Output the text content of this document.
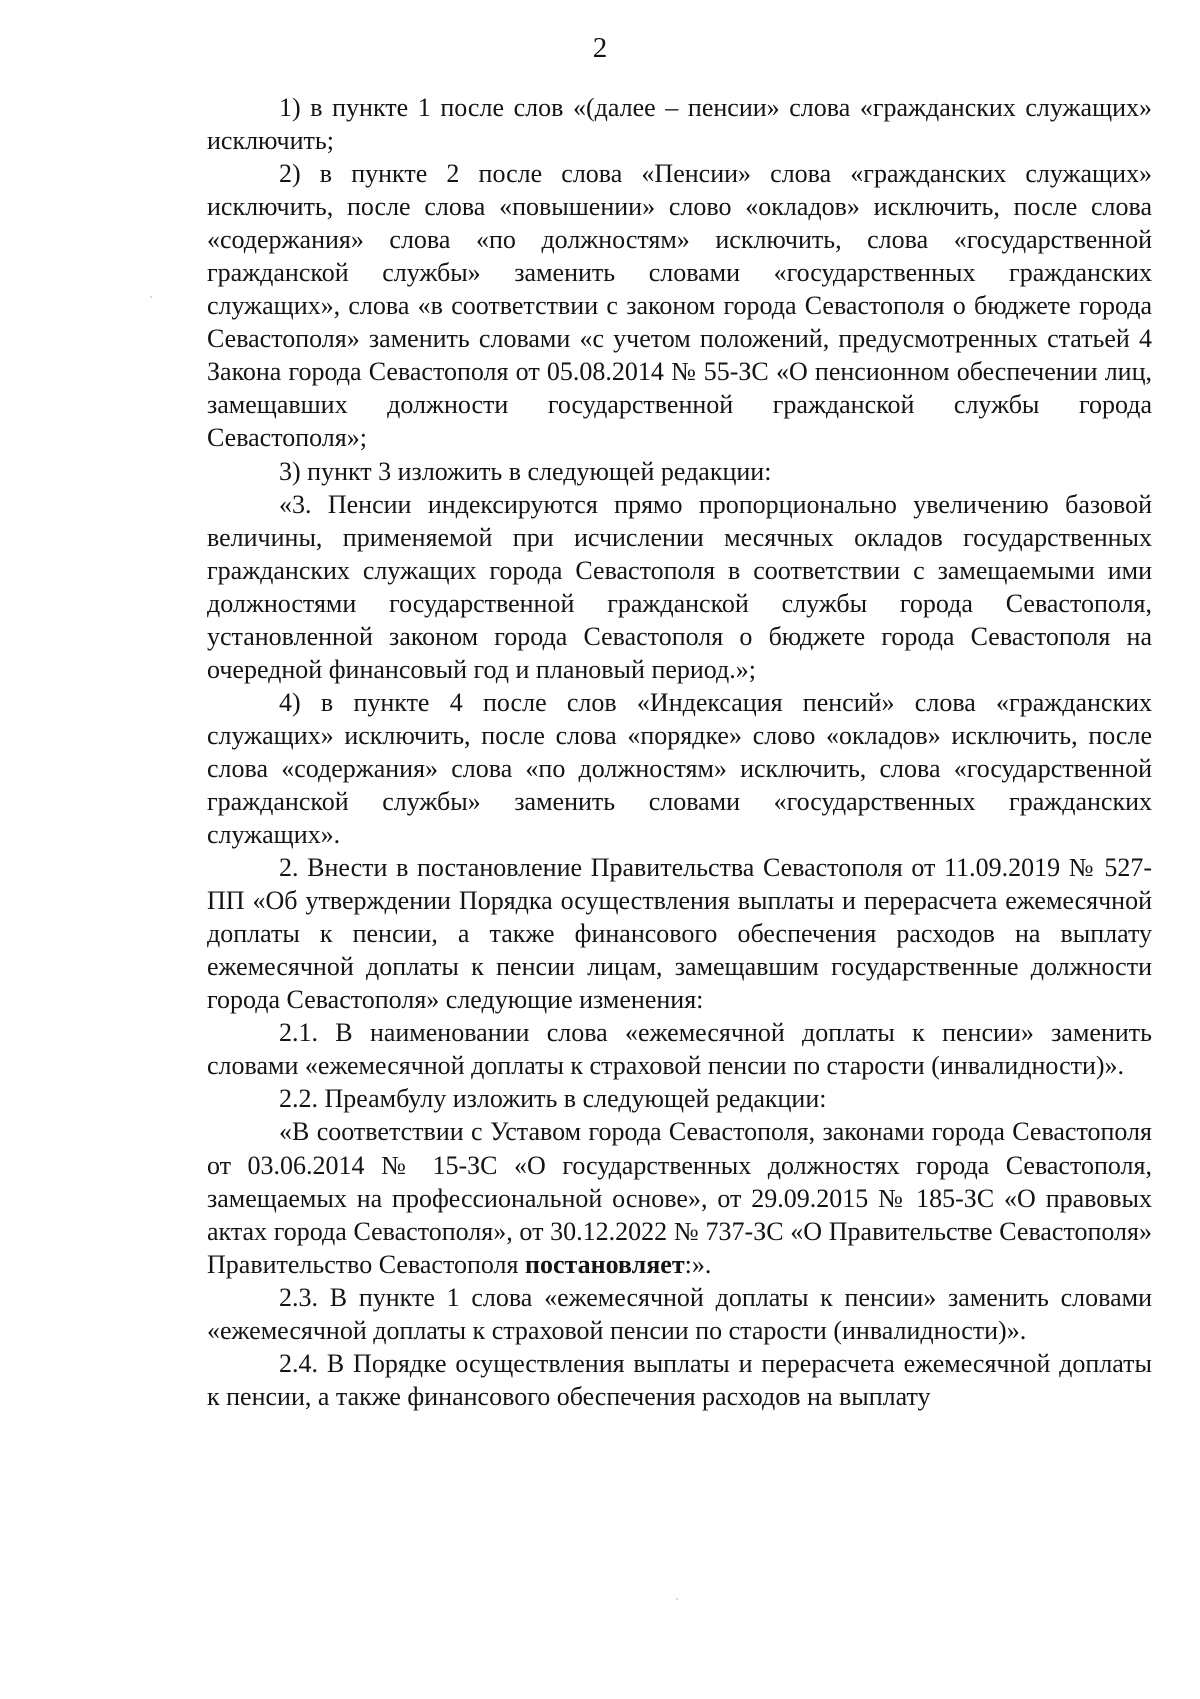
2

1) в пункте 1 после слов «(далее – пенсии» слова «гражданских служащих» исключить;

2) в пункте 2 после слова «Пенсии» слова «гражданских служащих» исключить, после слова «повышении» слово «окладов» исключить, после слова «содержания» слова «по должностям» исключить, слова «государственной гражданской службы» заменить словами «государственных гражданских служащих», слова «в соответствии с законом города Севастополя о бюджете города Севастополя» заменить словами «с учетом положений, предусмотренных статьей 4 Закона города Севастополя от 05.08.2014 № 55-ЗС «О пенсионном обеспечении лиц, замещавших должности государственной гражданской службы города Севастополя»;

3) пункт 3 изложить в следующей редакции:

«3. Пенсии индексируются прямо пропорционально увеличению базовой величины, применяемой при исчислении месячных окладов государственных гражданских служащих города Севастополя в соответствии с замещаемыми ими должностями государственной гражданской службы города Севастополя, установленной законом города Севастополя о бюджете города Севастополя на очередной финансовый год и плановый период.»;

4) в пункте 4 после слов «Индексация пенсий» слова «гражданских служащих» исключить, после слова «порядке» слово «окладов» исключить, после слова «содержания» слова «по должностям» исключить, слова «государственной гражданской службы» заменить словами «государственных гражданских служащих».

2. Внести в постановление Правительства Севастополя от 11.09.2019 № 527-ПП «Об утверждении Порядка осуществления выплаты и перерасчета ежемесячной доплаты к пенсии, а также финансового обеспечения расходов на выплату ежемесячной доплаты к пенсии лицам, замещавшим государственные должности города Севастополя» следующие изменения:

2.1. В наименовании слова «ежемесячной доплаты к пенсии» заменить словами «ежемесячной доплаты к страховой пенсии по старости (инвалидности)».

2.2. Преамбулу изложить в следующей редакции:

«В соответствии с Уставом города Севастополя, законами города Севастополя от 03.06.2014 № 15-ЗС «О государственных должностях города Севастополя, замещаемых на профессиональной основе», от 29.09.2015 № 185-ЗС «О правовых актах города Севастополя», от 30.12.2022 № 737-ЗС «О Правительстве Севастополя» Правительство Севастополя постановляет:».

2.3. В пункте 1 слова «ежемесячной доплаты к пенсии» заменить словами «ежемесячной доплаты к страховой пенсии по старости (инвалидности)».

2.4. В Порядке осуществления выплаты и перерасчета ежемесячной доплаты к пенсии, а также финансового обеспечения расходов на выплату
